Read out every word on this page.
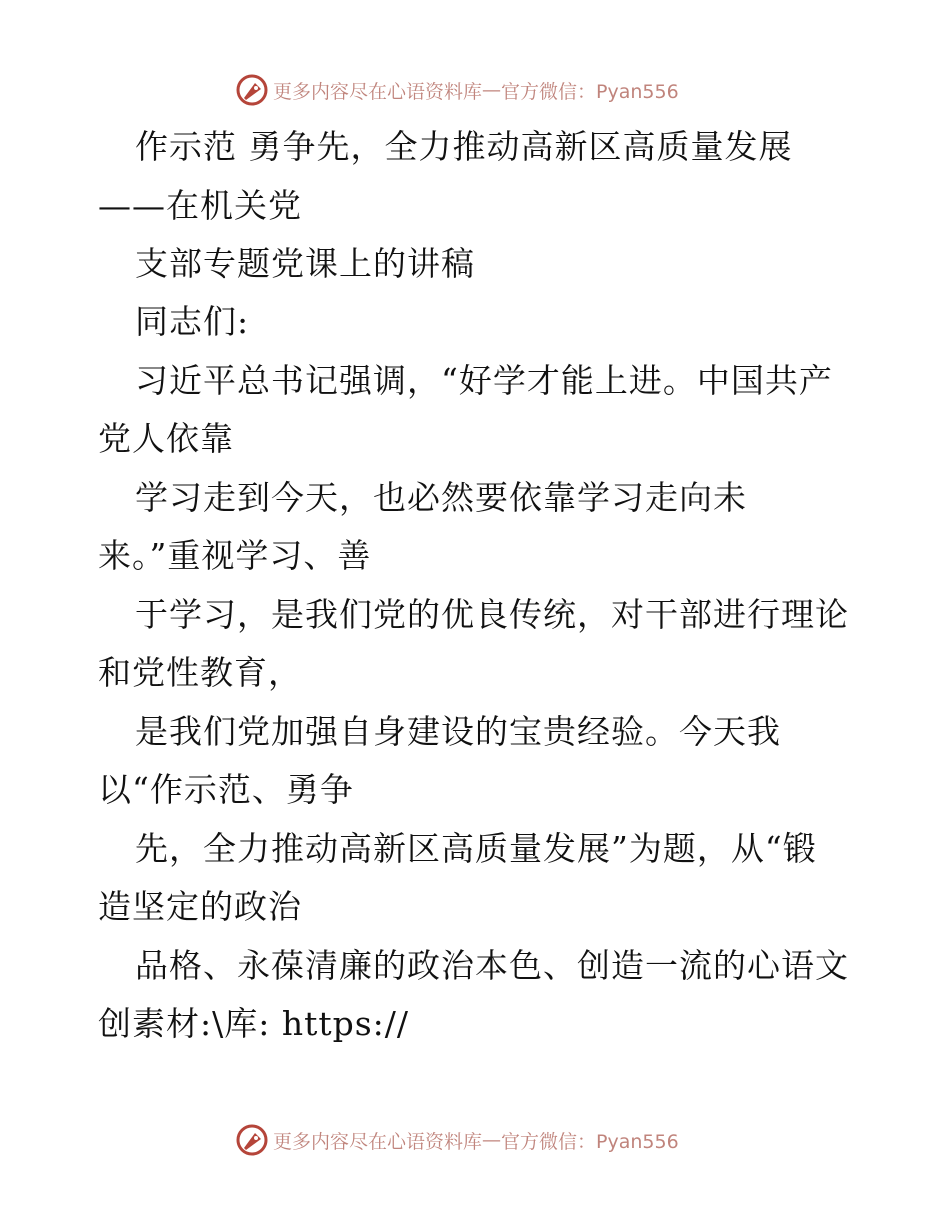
更多内容尽在心语资料库 — 官方微信：Pyan556
作示范 勇争先，全力推动高新区高质量发展
——在机关党
支部专题党课上的讲稿
同志们:
习近平总书记强调，“好学才能上进。中国共产
党人依靠
学习走到今天，也必然要依靠学习走向未
来。”重视学习、善
于学习，是我们党的优良传统，对干部进行理论
和党性教育，
是我们党加强自身建设的宝贵经验。今天我
以“作示范、勇争
先，全力推动高新区高质量发展”为题，从“锻
造坚定的政治
品格、永葆清廉的政治本色、创造一流的心语文
创素材:\库: https://
更多内容尽在心语资料库 — 官方微信：Pyan556
